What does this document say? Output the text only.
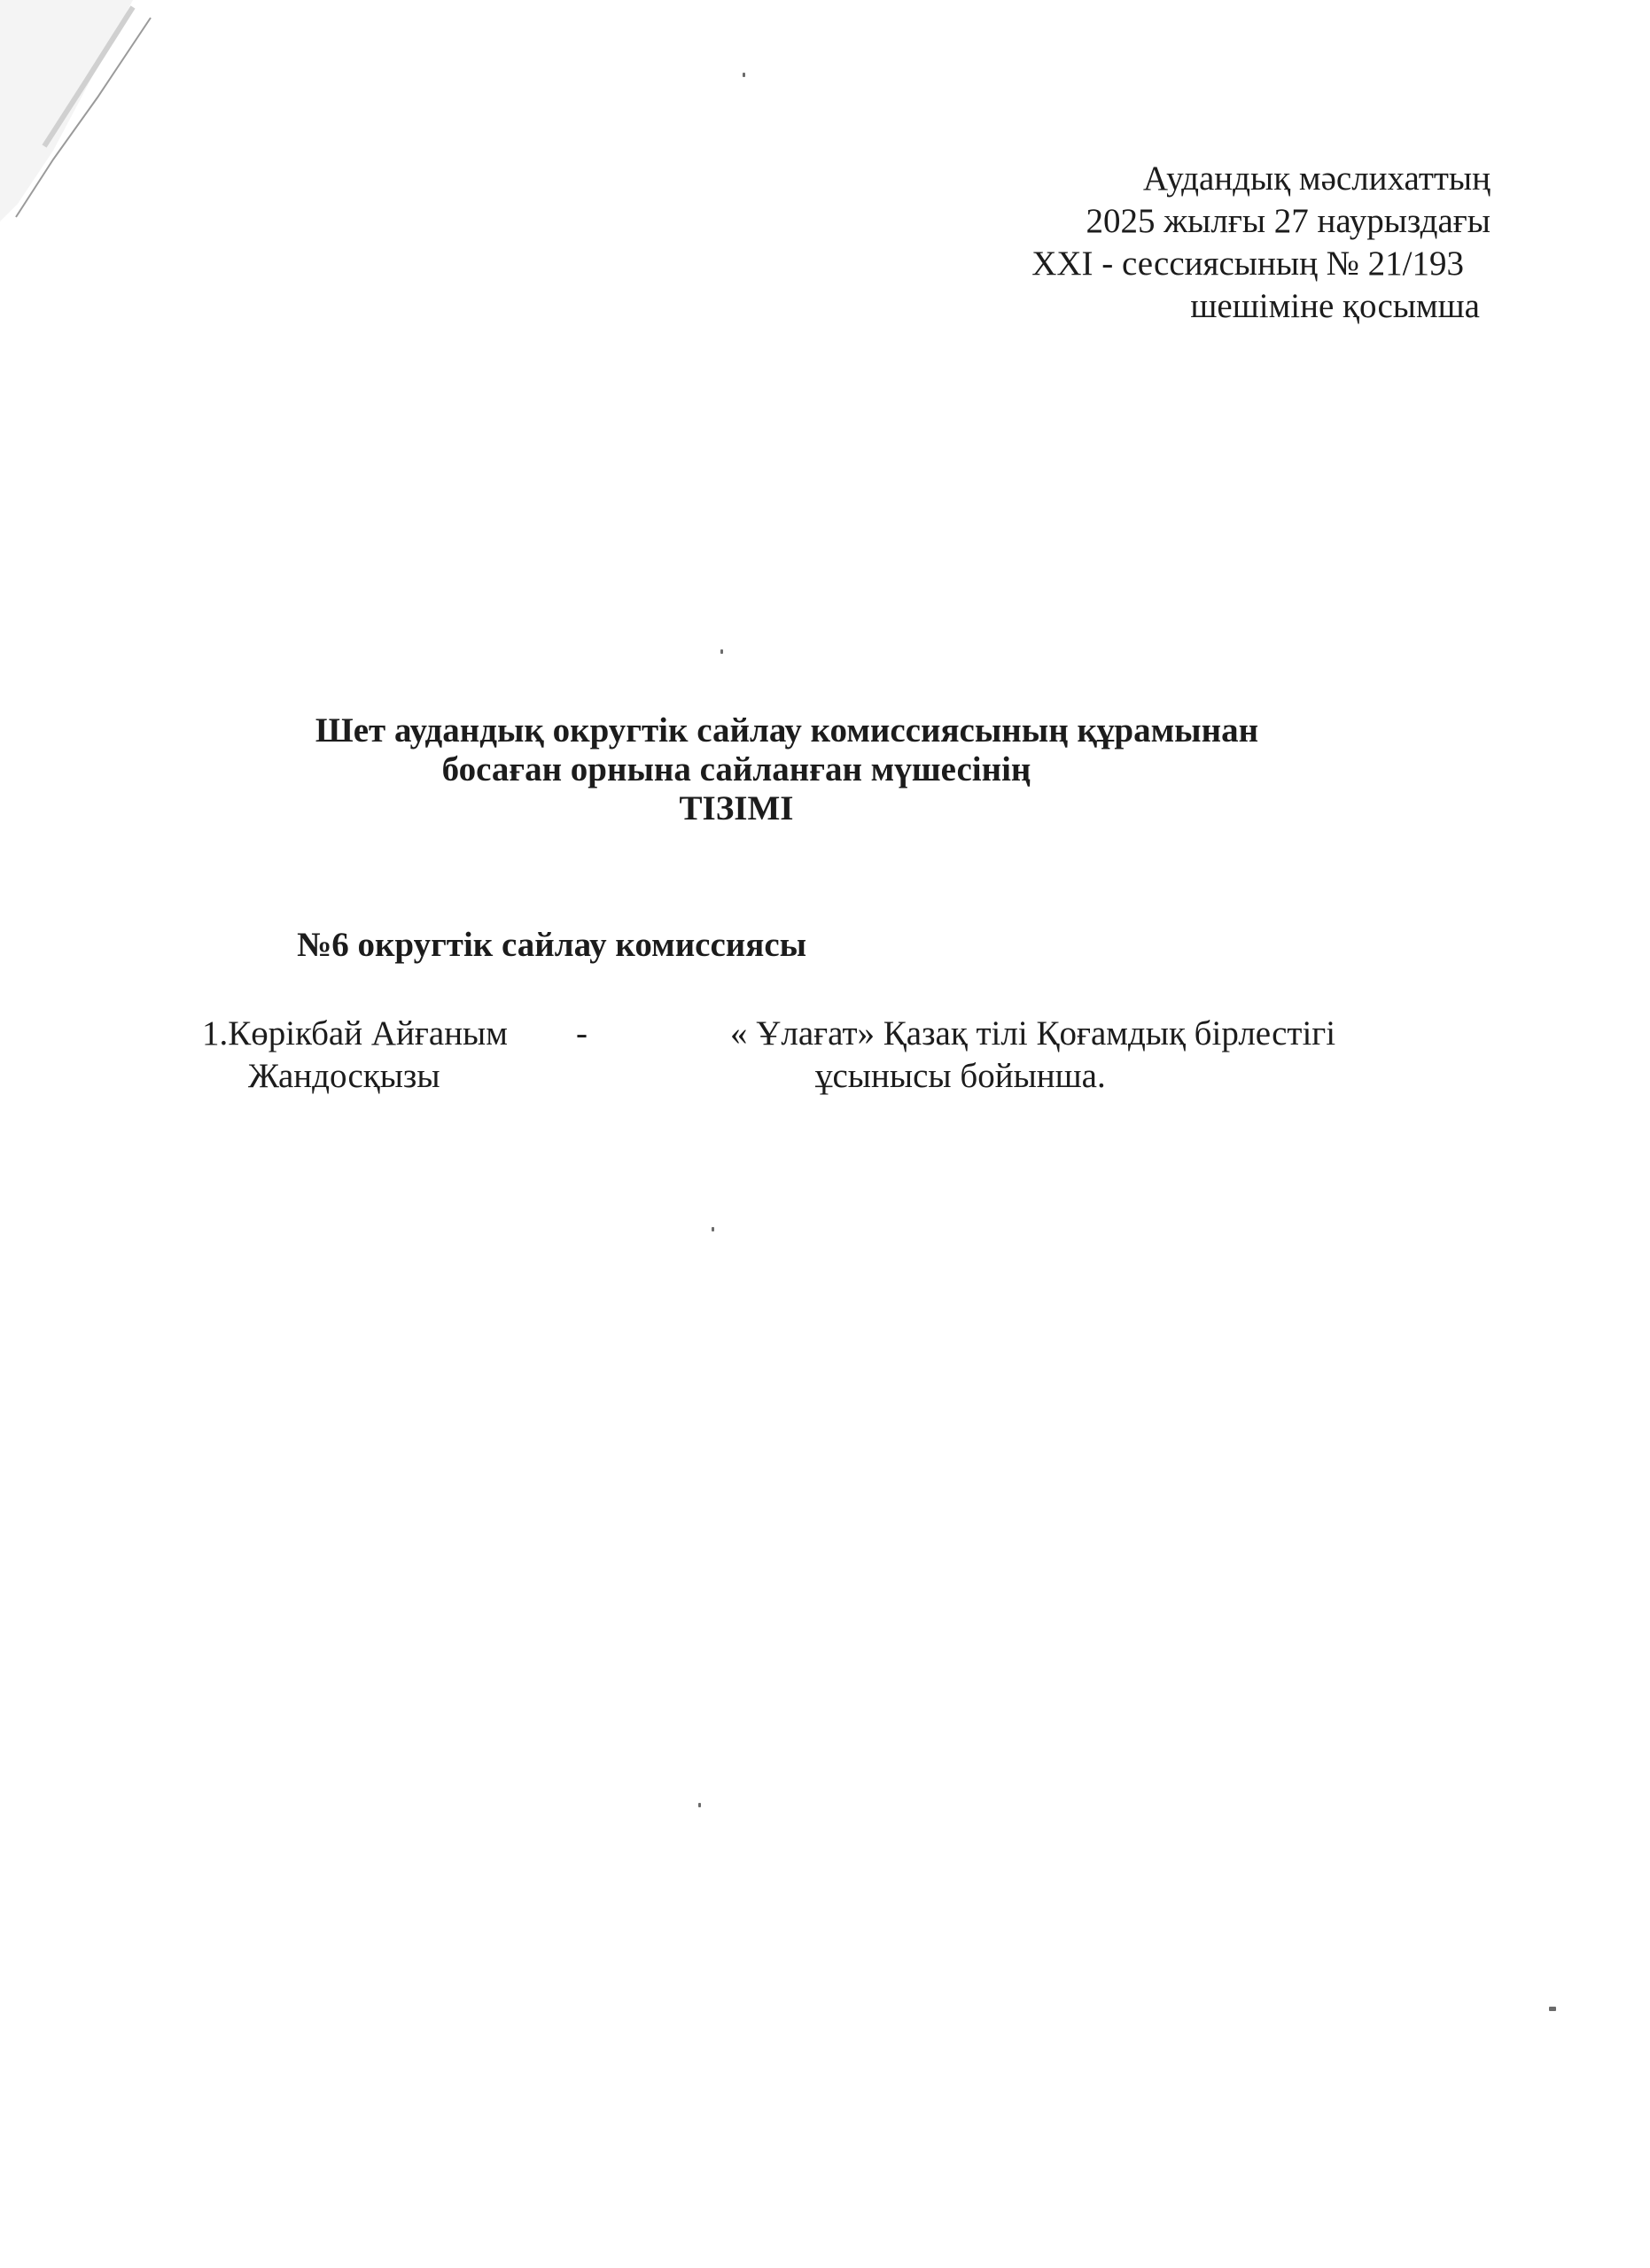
Аудандық мәслихаттың
2025 жылғы 27 наурыздағы
XXI - сессиясының № 21/193
шешіміне қосымша
Шет аудандық округтік сайлау комиссиясының құрамынан
босаған орнына сайланған мүшесінің
ТІЗІМІ
№6 округтік сайлау комиссиясы
1.Көрікбай Айғаным
Жандосқызы
-	« Ұлағат» Қазақ тілі Қоғамдық бірлестігі
ұсынысы бойынша.
